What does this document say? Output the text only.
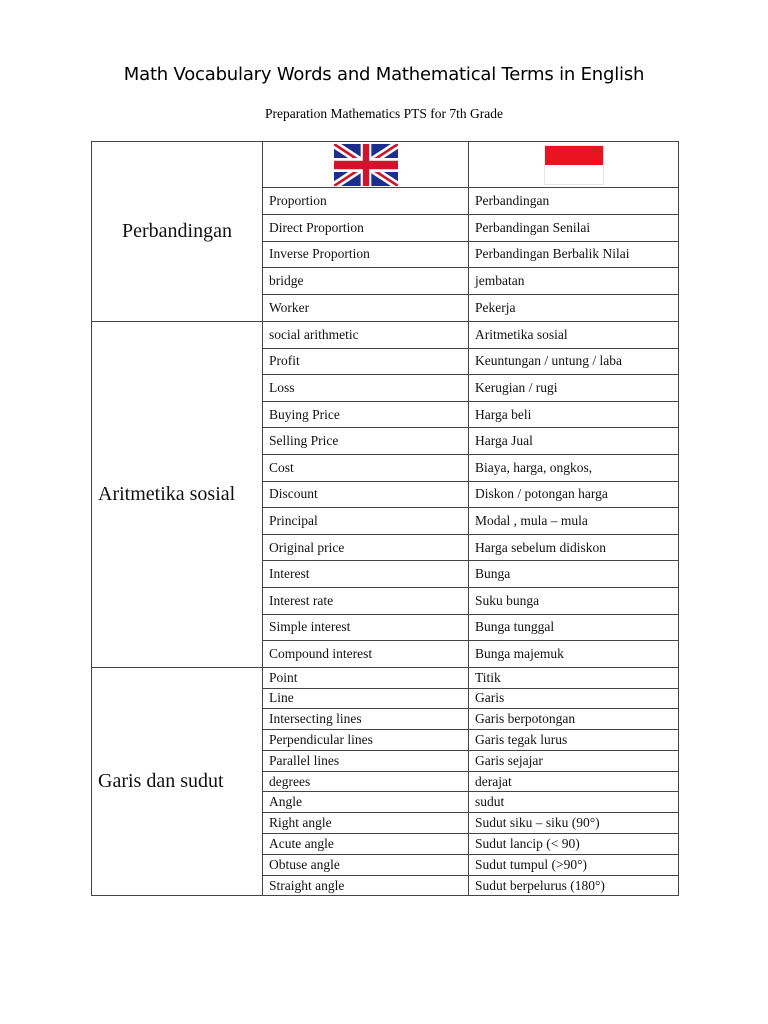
Math Vocabulary Words and Mathematical Terms in English
Preparation Mathematics PTS for 7th Grade
Perbandingan		
	Proportion	Perbandingan
	Direct Proportion	Perbandingan Senilai
	Inverse Proportion	Perbandingan Berbalik Nilai
	bridge	jembatan
	Worker	Pekerja
Aritmetika sosial	social arithmetic	Aritmetika sosial
	Profit	Keuntungan / untung / laba
	Loss	Kerugian / rugi
	Buying Price	Harga beli
	Selling Price	Harga Jual
	Cost	Biaya, harga, ongkos,
	Discount	Diskon / potongan harga
	Principal	Modal , mula – mula
	Original price	Harga sebelum didiskon
	Interest	Bunga
	Interest rate	Suku bunga
	Simple interest	Bunga tunggal
	Compound interest	Bunga majemuk
Garis dan sudut	Point	Titik
	Line	Garis
	Intersecting lines	Garis berpotongan
	Perpendicular lines	Garis tegak lurus
	Parallel lines	Garis sejajar
	degrees	derajat
	Angle	sudut
	Right angle	Sudut siku – siku (90°)
	Acute angle	Sudut lancip (< 90)
	Obtuse angle	Sudut tumpul (>90°)
	Straight angle	Sudut berpelurus (180°)
